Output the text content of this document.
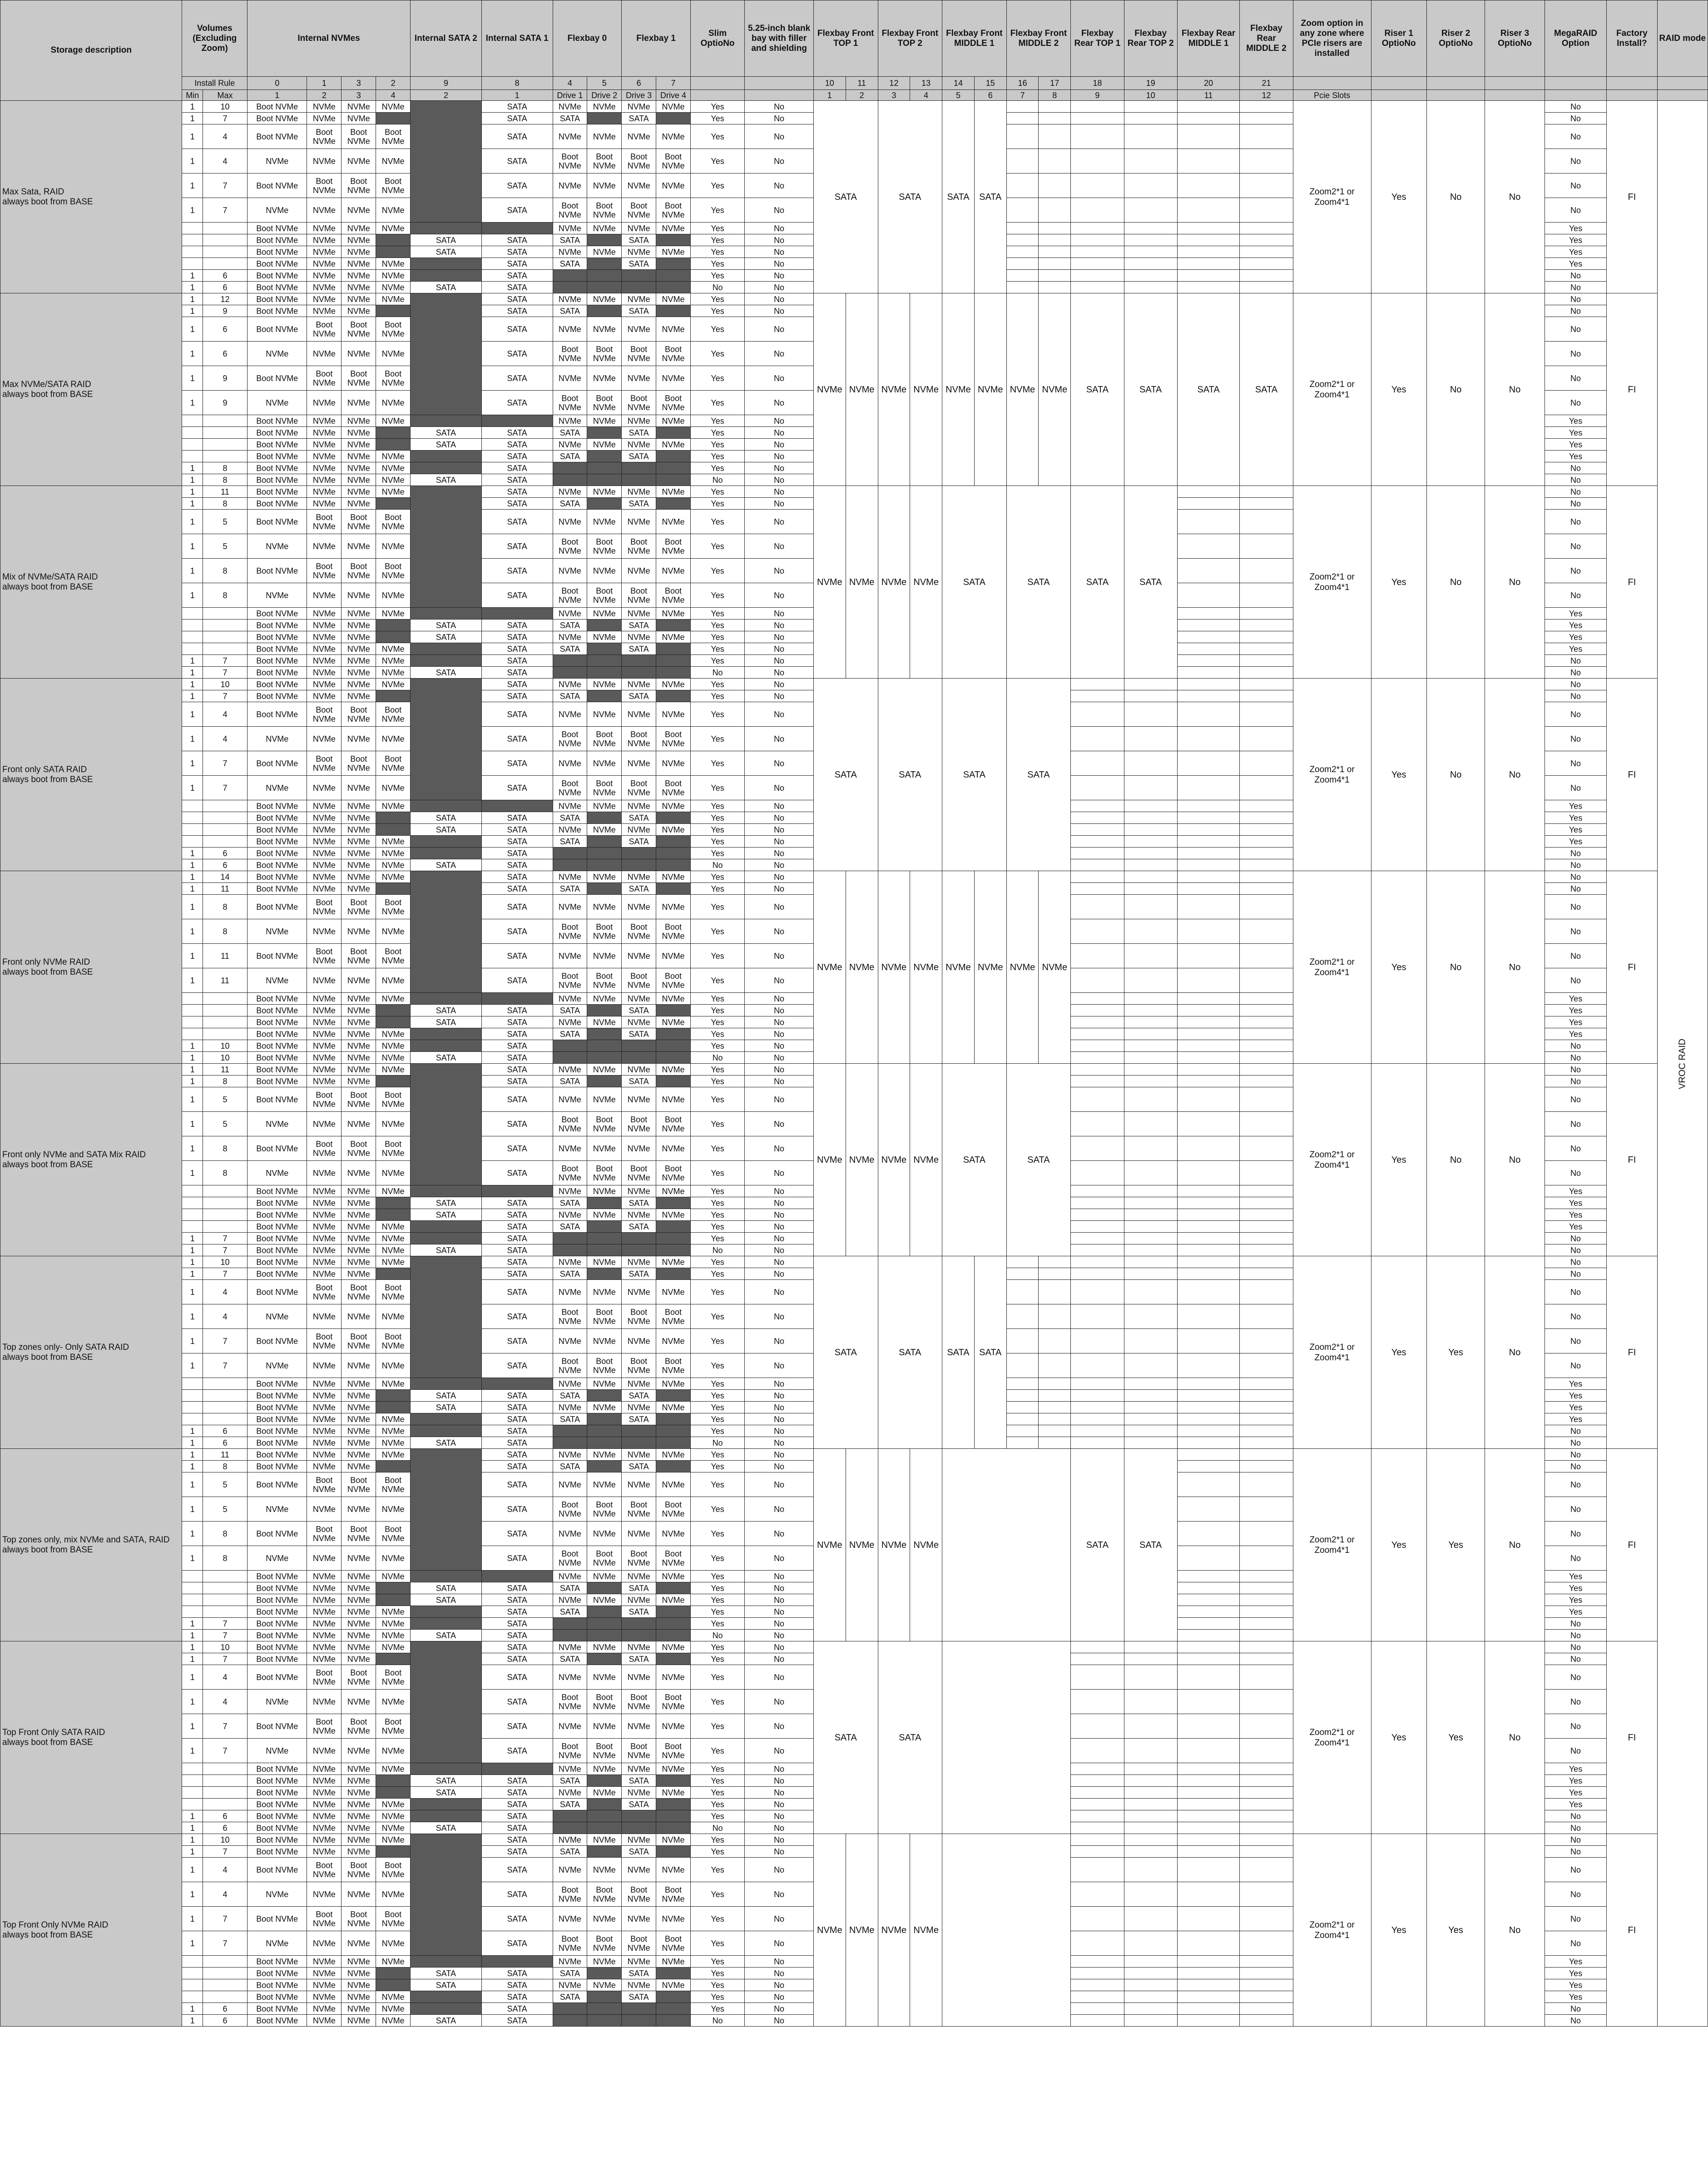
Storage description	Volumes (Excluding Zoom)		Internal NVMes				Internal SATA 2	Internal SATA 1	Flexbay 0		Flexbay 1		Slim OptioNo	5.25-inch blank bay with filler and shielding	Flexbay Front TOP 1		Flexbay Front TOP 2		Flexbay Front MIDDLE 1		Flexbay Front MIDDLE 2		Flexbay Rear TOP 1	Flexbay Rear TOP 2	Flexbay Rear MIDDLE 1	Flexbay Rear MIDDLE 2	Zoom option in any zone where PCIe risers are installed	Riser 1 OptioNo	Riser 2 OptioNo	Riser 3 OptioNo	MegaRAID Option	Factory Install?	RAID mode
	Install Rule		0	1	3	2	9	8	4	5	6	7			10	11	12	13	14	15	16	17	18	19	20	21							
	Min	Max	1	2	3	4	2	1	Drive 1	Drive 2	Drive 3	Drive 4			1	2	3	4	5	6	7	8	9	10	11	12	Pcie Slots						
Max Sata, RAID
always boot from BASE	1	10	Boot NVMe	NVMe	NVMe	NVMe		SATA	NVMe	NVMe	NVMe	NVMe	Yes	No	SATA		SATA		SATA	SATA							Zoom2*1 or
Zoom4*1	Yes	No	No	No	FI	VROC RAID
	1	7	Boot NVMe	NVMe	NVMe			SATA	SATA		SATA		Yes	No																	No		
	1	4	Boot NVMe	Boot NVMe	Boot NVMe	Boot NVMe		SATA	NVMe	NVMe	NVMe	NVMe	Yes	No																	No		
	1	4	NVMe	NVMe	NVMe	NVMe		SATA	Boot NVMe	Boot NVMe	Boot NVMe	Boot NVMe	Yes	No																	No		
	1	7	Boot NVMe	Boot NVMe	Boot NVMe	Boot NVMe		SATA	NVMe	NVMe	NVMe	NVMe	Yes	No																	No		
	1	7	NVMe	NVMe	NVMe	NVMe		SATA	Boot NVMe	Boot NVMe	Boot NVMe	Boot NVMe	Yes	No																	No		
			Boot NVMe	NVMe	NVMe	NVMe			NVMe	NVMe	NVMe	NVMe	Yes	No																	Yes		
			Boot NVMe	NVMe	NVMe		SATA	SATA	SATA		SATA		Yes	No																	Yes		
			Boot NVMe	NVMe	NVMe		SATA	SATA	NVMe	NVMe	NVMe	NVMe	Yes	No																	Yes		
			Boot NVMe	NVMe	NVMe	NVMe		SATA	SATA		SATA		Yes	No																	Yes		
	1	6	Boot NVMe	NVMe	NVMe	NVMe		SATA					Yes	No																	No		
	1	6	Boot NVMe	NVMe	NVMe	NVMe	SATA	SATA					No	No																	No		
Max NVMe/SATA RAID
always boot from BASE	1	12	Boot NVMe	NVMe	NVMe	NVMe		SATA	NVMe	NVMe	NVMe	NVMe	Yes	No	NVMe	NVMe	NVMe	NVMe	NVMe	NVMe	NVMe	NVMe	SATA	SATA	SATA	SATA	Zoom2*1 or
Zoom4*1	Yes	No	No	No	FI	
	1	9	Boot NVMe	NVMe	NVMe			SATA	SATA		SATA		Yes	No																	No		
	1	6	Boot NVMe	Boot NVMe	Boot NVMe	Boot NVMe		SATA	NVMe	NVMe	NVMe	NVMe	Yes	No																	No		
	1	6	NVMe	NVMe	NVMe	NVMe		SATA	Boot NVMe	Boot NVMe	Boot NVMe	Boot NVMe	Yes	No																	No		
	1	9	Boot NVMe	Boot NVMe	Boot NVMe	Boot NVMe		SATA	NVMe	NVMe	NVMe	NVMe	Yes	No																	No		
	1	9	NVMe	NVMe	NVMe	NVMe		SATA	Boot NVMe	Boot NVMe	Boot NVMe	Boot NVMe	Yes	No																	No		
			Boot NVMe	NVMe	NVMe	NVMe			NVMe	NVMe	NVMe	NVMe	Yes	No																	Yes		
			Boot NVMe	NVMe	NVMe		SATA	SATA	SATA		SATA		Yes	No																	Yes		
			Boot NVMe	NVMe	NVMe		SATA	SATA	NVMe	NVMe	NVMe	NVMe	Yes	No																	Yes		
			Boot NVMe	NVMe	NVMe	NVMe		SATA	SATA		SATA		Yes	No																	Yes		
	1	8	Boot NVMe	NVMe	NVMe	NVMe		SATA					Yes	No																	No		
	1	8	Boot NVMe	NVMe	NVMe	NVMe	SATA	SATA					No	No																	No		
Mix of NVMe/SATA RAID
always boot from BASE	1	11	Boot NVMe	NVMe	NVMe	NVMe		SATA	NVMe	NVMe	NVMe	NVMe	Yes	No	NVMe	NVMe	NVMe	NVMe	SATA		SATA		SATA	SATA			Zoom2*1 or
Zoom4*1	Yes	No	No	No	FI	
	1	8	Boot NVMe	NVMe	NVMe			SATA	SATA		SATA		Yes	No																	No		
	1	5	Boot NVMe	Boot NVMe	Boot NVMe	Boot NVMe		SATA	NVMe	NVMe	NVMe	NVMe	Yes	No																	No		
	1	5	NVMe	NVMe	NVMe	NVMe		SATA	Boot NVMe	Boot NVMe	Boot NVMe	Boot NVMe	Yes	No																	No		
	1	8	Boot NVMe	Boot NVMe	Boot NVMe	Boot NVMe		SATA	NVMe	NVMe	NVMe	NVMe	Yes	No																	No		
	1	8	NVMe	NVMe	NVMe	NVMe		SATA	Boot NVMe	Boot NVMe	Boot NVMe	Boot NVMe	Yes	No																	No		
			Boot NVMe	NVMe	NVMe	NVMe			NVMe	NVMe	NVMe	NVMe	Yes	No																	Yes		
			Boot NVMe	NVMe	NVMe		SATA	SATA	SATA		SATA		Yes	No																	Yes		
			Boot NVMe	NVMe	NVMe		SATA	SATA	NVMe	NVMe	NVMe	NVMe	Yes	No																	Yes		
			Boot NVMe	NVMe	NVMe	NVMe		SATA	SATA		SATA		Yes	No																	Yes		
	1	7	Boot NVMe	NVMe	NVMe	NVMe		SATA					Yes	No																	No		
	1	7	Boot NVMe	NVMe	NVMe	NVMe	SATA	SATA					No	No																	No		
Front only SATA RAID
always boot from BASE	1	10	Boot NVMe	NVMe	NVMe	NVMe		SATA	NVMe	NVMe	NVMe	NVMe	Yes	No	SATA		SATA		SATA		SATA						Zoom2*1 or
Zoom4*1	Yes	No	No	No	FI	
	1	7	Boot NVMe	NVMe	NVMe			SATA	SATA		SATA		Yes	No																	No		
	1	4	Boot NVMe	Boot NVMe	Boot NVMe	Boot NVMe		SATA	NVMe	NVMe	NVMe	NVMe	Yes	No																	No		
	1	4	NVMe	NVMe	NVMe	NVMe		SATA	Boot NVMe	Boot NVMe	Boot NVMe	Boot NVMe	Yes	No																	No		
	1	7	Boot NVMe	Boot NVMe	Boot NVMe	Boot NVMe		SATA	NVMe	NVMe	NVMe	NVMe	Yes	No																	No		
	1	7	NVMe	NVMe	NVMe	NVMe		SATA	Boot NVMe	Boot NVMe	Boot NVMe	Boot NVMe	Yes	No																	No		
			Boot NVMe	NVMe	NVMe	NVMe			NVMe	NVMe	NVMe	NVMe	Yes	No																	Yes		
			Boot NVMe	NVMe	NVMe		SATA	SATA	SATA		SATA		Yes	No																	Yes		
			Boot NVMe	NVMe	NVMe		SATA	SATA	NVMe	NVMe	NVMe	NVMe	Yes	No																	Yes		
			Boot NVMe	NVMe	NVMe	NVMe		SATA	SATA		SATA		Yes	No																	Yes		
	1	6	Boot NVMe	NVMe	NVMe	NVMe		SATA					Yes	No																	No		
	1	6	Boot NVMe	NVMe	NVMe	NVMe	SATA	SATA					No	No																	No		
Front only NVMe RAID
always boot from BASE	1	14	Boot NVMe	NVMe	NVMe	NVMe		SATA	NVMe	NVMe	NVMe	NVMe	Yes	No	NVMe	NVMe	NVMe	NVMe	NVMe	NVMe	NVMe	NVMe					Zoom2*1 or
Zoom4*1	Yes	No	No	No	FI	
	1	11	Boot NVMe	NVMe	NVMe			SATA	SATA		SATA		Yes	No																	No		
	1	8	Boot NVMe	Boot NVMe	Boot NVMe	Boot NVMe		SATA	NVMe	NVMe	NVMe	NVMe	Yes	No																	No		
	1	8	NVMe	NVMe	NVMe	NVMe		SATA	Boot NVMe	Boot NVMe	Boot NVMe	Boot NVMe	Yes	No																	No		
	1	11	Boot NVMe	Boot NVMe	Boot NVMe	Boot NVMe		SATA	NVMe	NVMe	NVMe	NVMe	Yes	No																	No		
	1	11	NVMe	NVMe	NVMe	NVMe		SATA	Boot NVMe	Boot NVMe	Boot NVMe	Boot NVMe	Yes	No																	No		
			Boot NVMe	NVMe	NVMe	NVMe			NVMe	NVMe	NVMe	NVMe	Yes	No																	Yes		
			Boot NVMe	NVMe	NVMe		SATA	SATA	SATA		SATA		Yes	No																	Yes		
			Boot NVMe	NVMe	NVMe		SATA	SATA	NVMe	NVMe	NVMe	NVMe	Yes	No																	Yes		
			Boot NVMe	NVMe	NVMe	NVMe		SATA	SATA		SATA		Yes	No																	Yes		
	1	10	Boot NVMe	NVMe	NVMe	NVMe		SATA					Yes	No																	No		
	1	10	Boot NVMe	NVMe	NVMe	NVMe	SATA	SATA					No	No																	No		
Front only NVMe and SATA Mix RAID
always boot from BASE	1	11	Boot NVMe	NVMe	NVMe	NVMe		SATA	NVMe	NVMe	NVMe	NVMe	Yes	No	NVMe	NVMe	NVMe	NVMe	SATA		SATA						Zoom2*1 or
Zoom4*1	Yes	No	No	No	FI	
	1	8	Boot NVMe	NVMe	NVMe			SATA	SATA		SATA		Yes	No																	No		
	1	5	Boot NVMe	Boot NVMe	Boot NVMe	Boot NVMe		SATA	NVMe	NVMe	NVMe	NVMe	Yes	No																	No		
	1	5	NVMe	NVMe	NVMe	NVMe		SATA	Boot NVMe	Boot NVMe	Boot NVMe	Boot NVMe	Yes	No																	No		
	1	8	Boot NVMe	Boot NVMe	Boot NVMe	Boot NVMe		SATA	NVMe	NVMe	NVMe	NVMe	Yes	No																	No		
	1	8	NVMe	NVMe	NVMe	NVMe		SATA	Boot NVMe	Boot NVMe	Boot NVMe	Boot NVMe	Yes	No																	No		
			Boot NVMe	NVMe	NVMe	NVMe			NVMe	NVMe	NVMe	NVMe	Yes	No																	Yes		
			Boot NVMe	NVMe	NVMe		SATA	SATA	SATA		SATA		Yes	No																	Yes		
			Boot NVMe	NVMe	NVMe		SATA	SATA	NVMe	NVMe	NVMe	NVMe	Yes	No																	Yes		
			Boot NVMe	NVMe	NVMe	NVMe		SATA	SATA		SATA		Yes	No																	Yes		
	1	7	Boot NVMe	NVMe	NVMe	NVMe		SATA					Yes	No																	No		
	1	7	Boot NVMe	NVMe	NVMe	NVMe	SATA	SATA					No	No																	No		
Top zones only- Only SATA RAID
always boot from BASE	1	10	Boot NVMe	NVMe	NVMe	NVMe		SATA	NVMe	NVMe	NVMe	NVMe	Yes	No	SATA		SATA		SATA	SATA							Zoom2*1 or
Zoom4*1	Yes	Yes	No	No	FI	
	1	7	Boot NVMe	NVMe	NVMe			SATA	SATA		SATA		Yes	No																	No		
	1	4	Boot NVMe	Boot NVMe	Boot NVMe	Boot NVMe		SATA	NVMe	NVMe	NVMe	NVMe	Yes	No																	No		
	1	4	NVMe	NVMe	NVMe	NVMe		SATA	Boot NVMe	Boot NVMe	Boot NVMe	Boot NVMe	Yes	No																	No		
	1	7	Boot NVMe	Boot NVMe	Boot NVMe	Boot NVMe		SATA	NVMe	NVMe	NVMe	NVMe	Yes	No																	No		
	1	7	NVMe	NVMe	NVMe	NVMe		SATA	Boot NVMe	Boot NVMe	Boot NVMe	Boot NVMe	Yes	No																	No		
			Boot NVMe	NVMe	NVMe	NVMe			NVMe	NVMe	NVMe	NVMe	Yes	No																	Yes		
			Boot NVMe	NVMe	NVMe		SATA	SATA	SATA		SATA		Yes	No																	Yes		
			Boot NVMe	NVMe	NVMe		SATA	SATA	NVMe	NVMe	NVMe	NVMe	Yes	No																	Yes		
			Boot NVMe	NVMe	NVMe	NVMe		SATA	SATA		SATA		Yes	No																	Yes		
	1	6	Boot NVMe	NVMe	NVMe	NVMe		SATA					Yes	No																	No		
	1	6	Boot NVMe	NVMe	NVMe	NVMe	SATA	SATA					No	No																	No		
Top zones only, mix NVMe and SATA, RAID
always boot from BASE	1	11	Boot NVMe	NVMe	NVMe	NVMe		SATA	NVMe	NVMe	NVMe	NVMe	Yes	No	NVMe	NVMe	NVMe	NVMe					SATA	SATA			Zoom2*1 or
Zoom4*1	Yes	Yes	No	No	FI	
	1	8	Boot NVMe	NVMe	NVMe			SATA	SATA		SATA		Yes	No																	No		
	1	5	Boot NVMe	Boot NVMe	Boot NVMe	Boot NVMe		SATA	NVMe	NVMe	NVMe	NVMe	Yes	No																	No		
	1	5	NVMe	NVMe	NVMe	NVMe		SATA	Boot NVMe	Boot NVMe	Boot NVMe	Boot NVMe	Yes	No																	No		
	1	8	Boot NVMe	Boot NVMe	Boot NVMe	Boot NVMe		SATA	NVMe	NVMe	NVMe	NVMe	Yes	No																	No		
	1	8	NVMe	NVMe	NVMe	NVMe		SATA	Boot NVMe	Boot NVMe	Boot NVMe	Boot NVMe	Yes	No																	No		
			Boot NVMe	NVMe	NVMe	NVMe			NVMe	NVMe	NVMe	NVMe	Yes	No																	Yes		
			Boot NVMe	NVMe	NVMe		SATA	SATA	SATA		SATA		Yes	No																	Yes		
			Boot NVMe	NVMe	NVMe		SATA	SATA	NVMe	NVMe	NVMe	NVMe	Yes	No																	Yes		
			Boot NVMe	NVMe	NVMe	NVMe		SATA	SATA		SATA		Yes	No																	Yes		
	1	7	Boot NVMe	NVMe	NVMe	NVMe		SATA					Yes	No																	No		
	1	7	Boot NVMe	NVMe	NVMe	NVMe	SATA	SATA					No	No																	No		
Top Front Only SATA RAID
always boot from BASE	1	10	Boot NVMe	NVMe	NVMe	NVMe		SATA	NVMe	NVMe	NVMe	NVMe	Yes	No	SATA		SATA										Zoom2*1 or
Zoom4*1	Yes	Yes	No	No	FI	
	1	7	Boot NVMe	NVMe	NVMe			SATA	SATA		SATA		Yes	No																	No		
	1	4	Boot NVMe	Boot NVMe	Boot NVMe	Boot NVMe		SATA	NVMe	NVMe	NVMe	NVMe	Yes	No																	No		
	1	4	NVMe	NVMe	NVMe	NVMe		SATA	Boot NVMe	Boot NVMe	Boot NVMe	Boot NVMe	Yes	No																	No		
	1	7	Boot NVMe	Boot NVMe	Boot NVMe	Boot NVMe		SATA	NVMe	NVMe	NVMe	NVMe	Yes	No																	No		
	1	7	NVMe	NVMe	NVMe	NVMe		SATA	Boot NVMe	Boot NVMe	Boot NVMe	Boot NVMe	Yes	No																	No		
			Boot NVMe	NVMe	NVMe	NVMe			NVMe	NVMe	NVMe	NVMe	Yes	No																	Yes		
			Boot NVMe	NVMe	NVMe		SATA	SATA	SATA		SATA		Yes	No																	Yes		
			Boot NVMe	NVMe	NVMe		SATA	SATA	NVMe	NVMe	NVMe	NVMe	Yes	No																	Yes		
			Boot NVMe	NVMe	NVMe	NVMe		SATA	SATA		SATA		Yes	No																	Yes		
	1	6	Boot NVMe	NVMe	NVMe	NVMe		SATA					Yes	No																	No		
	1	6	Boot NVMe	NVMe	NVMe	NVMe	SATA	SATA					No	No																	No		
Top Front Only NVMe RAID
always boot from BASE	1	10	Boot NVMe	NVMe	NVMe	NVMe		SATA	NVMe	NVMe	NVMe	NVMe	Yes	No	NVMe	NVMe	NVMe	NVMe									Zoom2*1 or
Zoom4*1	Yes	Yes	No	No	FI	
	1	7	Boot NVMe	NVMe	NVMe			SATA	SATA		SATA		Yes	No																	No		
	1	4	Boot NVMe	Boot NVMe	Boot NVMe	Boot NVMe		SATA	NVMe	NVMe	NVMe	NVMe	Yes	No																	No		
	1	4	NVMe	NVMe	NVMe	NVMe		SATA	Boot NVMe	Boot NVMe	Boot NVMe	Boot NVMe	Yes	No																	No		
	1	7	Boot NVMe	Boot NVMe	Boot NVMe	Boot NVMe		SATA	NVMe	NVMe	NVMe	NVMe	Yes	No																	No		
	1	7	NVMe	NVMe	NVMe	NVMe		SATA	Boot NVMe	Boot NVMe	Boot NVMe	Boot NVMe	Yes	No																	No		
			Boot NVMe	NVMe	NVMe	NVMe			NVMe	NVMe	NVMe	NVMe	Yes	No																	Yes		
			Boot NVMe	NVMe	NVMe		SATA	SATA	SATA		SATA		Yes	No																	Yes		
			Boot NVMe	NVMe	NVMe		SATA	SATA	NVMe	NVMe	NVMe	NVMe	Yes	No																	Yes		
			Boot NVMe	NVMe	NVMe	NVMe		SATA	SATA		SATA		Yes	No																	Yes		
	1	6	Boot NVMe	NVMe	NVMe	NVMe		SATA					Yes	No																	No		
	1	6	Boot NVMe	NVMe	NVMe	NVMe	SATA	SATA					No	No																	No		
